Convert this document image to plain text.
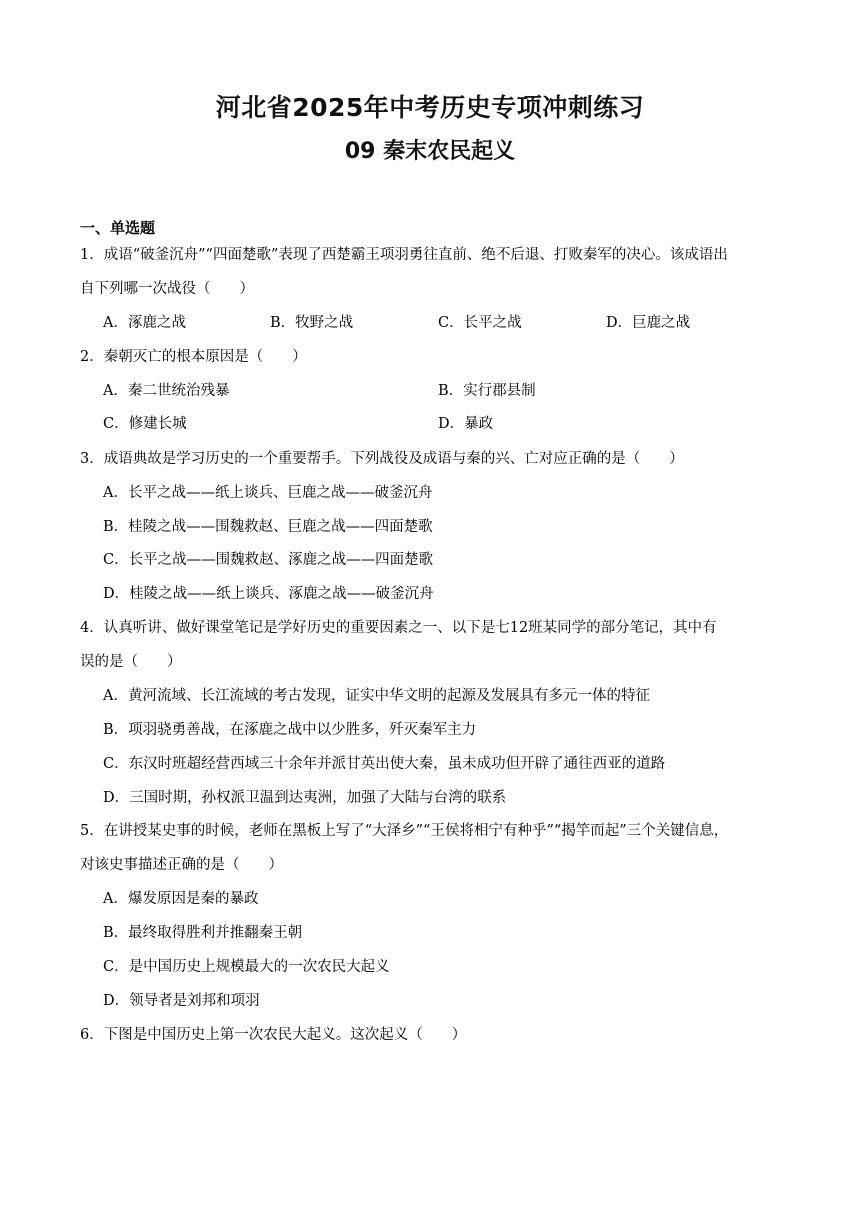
河北省2025年中考历史专项冲刺练习
09 秦末农民起义
一、单选题
1．成语“破釜沉舟”“四面楚歌”表现了西楚霸王项羽勇往直前、绝不后退、打败秦军的决心。该成语出
自下列哪一次战役（　　）
A．涿鹿之战	B．牧野之战	C．长平之战	D．巨鹿之战
2．秦朝灭亡的根本原因是（　　）
A．秦二世统治残暴	B．实行郡县制
C．修建长城	D．暴政
3．成语典故是学习历史的一个重要帮手。下列战役及成语与秦的兴、亡对应正确的是（　　）
A．长平之战——纸上谈兵、巨鹿之战——破釜沉舟
B．桂陵之战——围魏救赵、巨鹿之战——四面楚歌
C．长平之战——围魏救赵、涿鹿之战——四面楚歌
D．桂陵之战——纸上谈兵、涿鹿之战——破釜沉舟
4．认真听讲、做好课堂笔记是学好历史的重要因素之一、以下是七12班某同学的部分笔记，其中有
误的是（　　）
A．黄河流域、长江流域的考古发现，证实中华文明的起源及发展具有多元一体的特征
B．项羽骁勇善战，在涿鹿之战中以少胜多，歼灭秦军主力
C．东汉时班超经营西域三十余年并派甘英出使大秦，虽未成功但开辟了通往西亚的道路
D．三国时期，孙权派卫温到达夷洲，加强了大陆与台湾的联系
5．在讲授某史事的时候，老师在黑板上写了“大泽乡”“王侯将相宁有种乎”“揭竿而起”三个关键信息，
对该史事描述正确的是（　　）
A．爆发原因是秦的暴政
B．最终取得胜利并推翻秦王朝
C．是中国历史上规模最大的一次农民大起义
D．领导者是刘邦和项羽
6．下图是中国历史上第一次农民大起义。这次起义（　　）
